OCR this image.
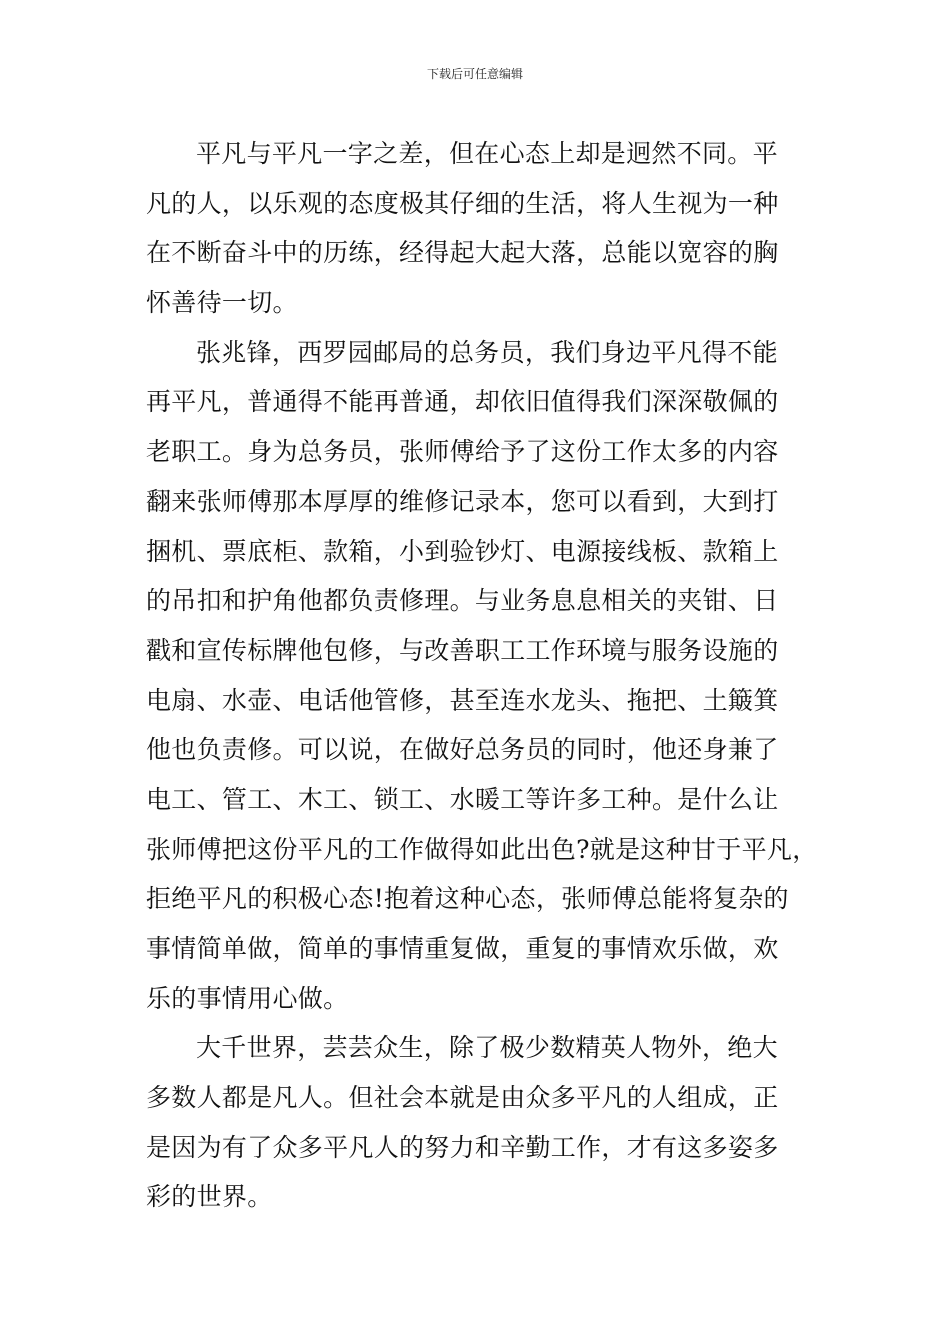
下载后可任意编辑
平凡与平凡一字之差，但在心态上却是迥然不同。平
凡的人，以乐观的态度极其仔细的生活，将人生视为一种
在不断奋斗中的历练，经得起大起大落，总能以宽容的胸
怀善待一切。
张兆锋，西罗园邮局的总务员，我们身边平凡得不能
再平凡，普通得不能再普通，却依旧值得我们深深敬佩的
老职工。身为总务员，张师傅给予了这份工作太多的内容
翻来张师傅那本厚厚的维修记录本，您可以看到，大到打
捆机、票底柜、款箱，小到验钞灯、电源接线板、款箱上
的吊扣和护角他都负责修理。与业务息息相关的夹钳、日
戳和宣传标牌他包修，与改善职工工作环境与服务设施的
电扇、水壶、电话他管修，甚至连水龙头、拖把、土簸箕
他也负责修。可以说，在做好总务员的同时，他还身兼了
电工、管工、木工、锁工、水暖工等许多工种。是什么让
张师傅把这份平凡的工作做得如此出色?就是这种甘于平凡，
拒绝平凡的积极心态!抱着这种心态，张师傅总能将复杂的
事情简单做，简单的事情重复做，重复的事情欢乐做，欢
乐的事情用心做。
大千世界，芸芸众生，除了极少数精英人物外，绝大
多数人都是凡人。但社会本就是由众多平凡的人组成，正
是因为有了众多平凡人的努力和辛勤工作，才有这多姿多
彩的世界。
